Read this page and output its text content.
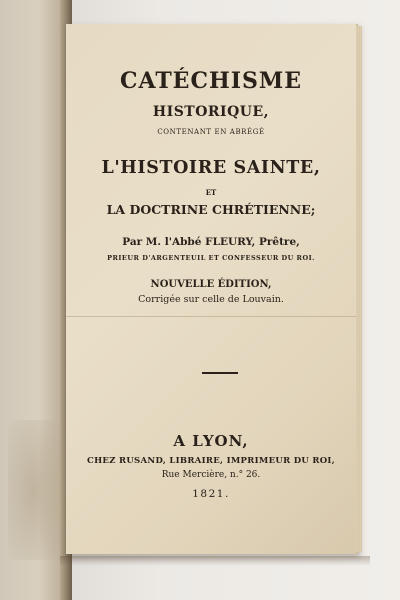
CATÉCHISME
HISTORIQUE,
CONTENANT EN ABRÉGÉ
L'HISTOIRE SAINTE,
ET
LA DOCTRINE CHRÉTIENNE;
Par M. l'Abbé FLEURY, Prêtre,
PRIEUR D'ARGENTEUIL ET CONFESSEUR DU ROI.
NOUVELLE ÉDITION,
Corrigée sur celle de Louvain.
A LYON,
CHEZ RUSAND, LIBRAIRE, IMPRIMEUR DU ROI,
Rue Mercière, n.° 26.
1821.
